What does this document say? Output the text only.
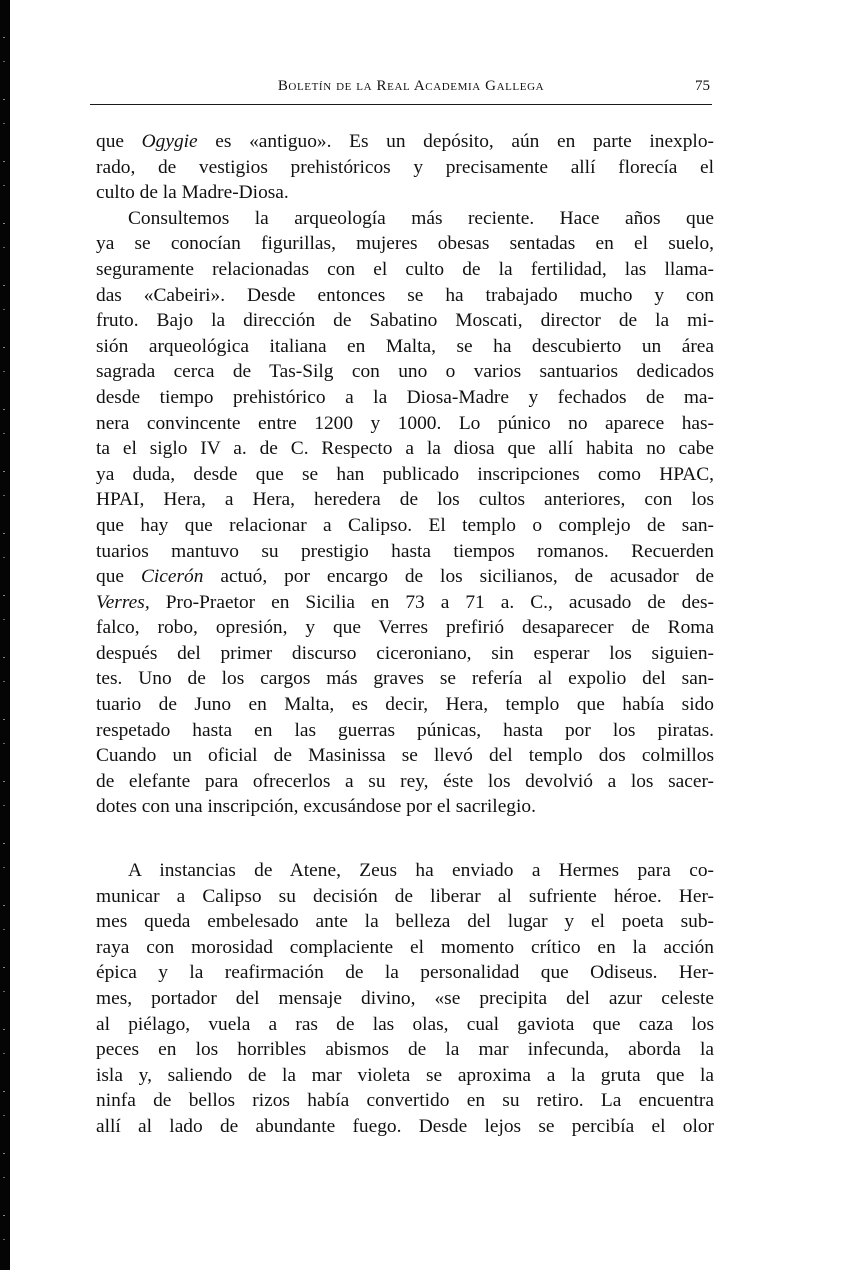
Boletín de la Real Academia Gallega	75
que Ogygie es «antiguo». Es un depósito, aún en parte inexplo-
rado, de vestigios prehistóricos y precisamente allí florecía el
culto de la Madre-Diosa.
Consultemos la arqueología más reciente. Hace años que
ya se conocían figurillas, mujeres obesas sentadas en el suelo,
seguramente relacionadas con el culto de la fertilidad, las llama-
das «Cabeiri». Desde entonces se ha trabajado mucho y con
fruto. Bajo la dirección de Sabatino Moscati, director de la mi-
sión arqueológica italiana en Malta, se ha descubierto un área
sagrada cerca de Tas-Silg con uno o varios santuarios dedicados
desde tiempo prehistórico a la Diosa-Madre y fechados de ma-
nera convincente entre 1200 y 1000. Lo púnico no aparece has-
ta el siglo IV a. de C. Respecto a la diosa que allí habita no cabe
ya duda, desde que se han publicado inscripciones como HPAC,
HPAI, Hera, a Hera, heredera de los cultos anteriores, con los
que hay que relacionar a Calipso. El templo o complejo de san-
tuarios mantuvo su prestigio hasta tiempos romanos. Recuerden
que Cicerón actuó, por encargo de los sicilianos, de acusador de
Verres, Pro-Praetor en Sicilia en 73 a 71 a. C., acusado de des-
falco, robo, opresión, y que Verres prefirió desaparecer de Roma
después del primer discurso ciceroniano, sin esperar los siguien-
tes. Uno de los cargos más graves se refería al expolio del san-
tuario de Juno en Malta, es decir, Hera, templo que había sido
respetado hasta en las guerras púnicas, hasta por los piratas.
Cuando un oficial de Masinissa se llevó del templo dos colmillos
de elefante para ofrecerlos a su rey, éste los devolvió a los sacer-
dotes con una inscripción, excusándose por el sacrilegio.
A instancias de Atene, Zeus ha enviado a Hermes para co-
municar a Calipso su decisión de liberar al sufriente héroe. Her-
mes queda embelesado ante la belleza del lugar y el poeta sub-
raya con morosidad complaciente el momento crítico en la acción
épica y la reafirmación de la personalidad que Odiseus. Her-
mes, portador del mensaje divino, «se precipita del azur celeste
al piélago, vuela a ras de las olas, cual gaviota que caza los
peces en los horribles abismos de la mar infecunda, aborda la
isla y, saliendo de la mar violeta se aproxima a la gruta que la
ninfa de bellos rizos había convertido en su retiro. La encuentra
allí al lado de abundante fuego. Desde lejos se percibía el olor
